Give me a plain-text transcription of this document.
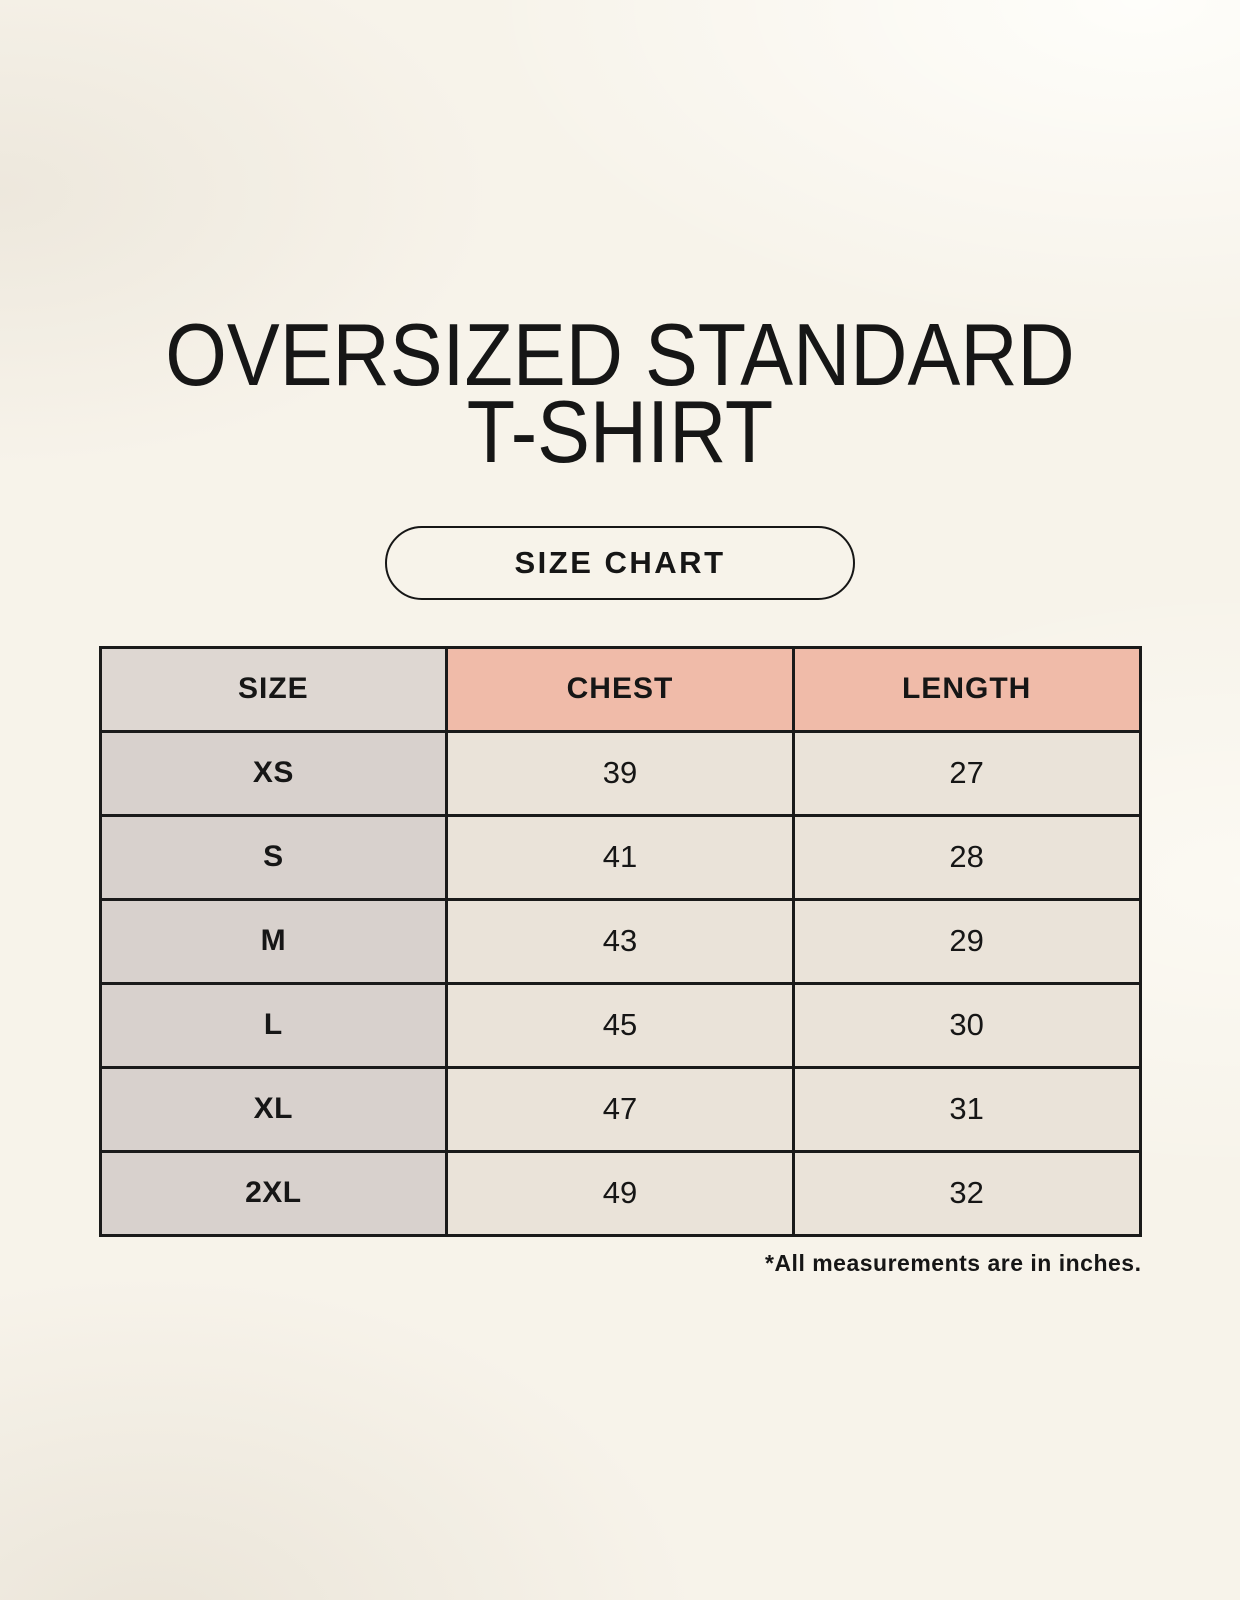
OVERSIZED STANDARD
T-SHIRT
SIZE CHART
SIZE	CHEST	LENGTH
XS	39	27
S	41	28
M	43	29
L	45	30
XL	47	31
2XL	49	32
*All measurements are in inches.
